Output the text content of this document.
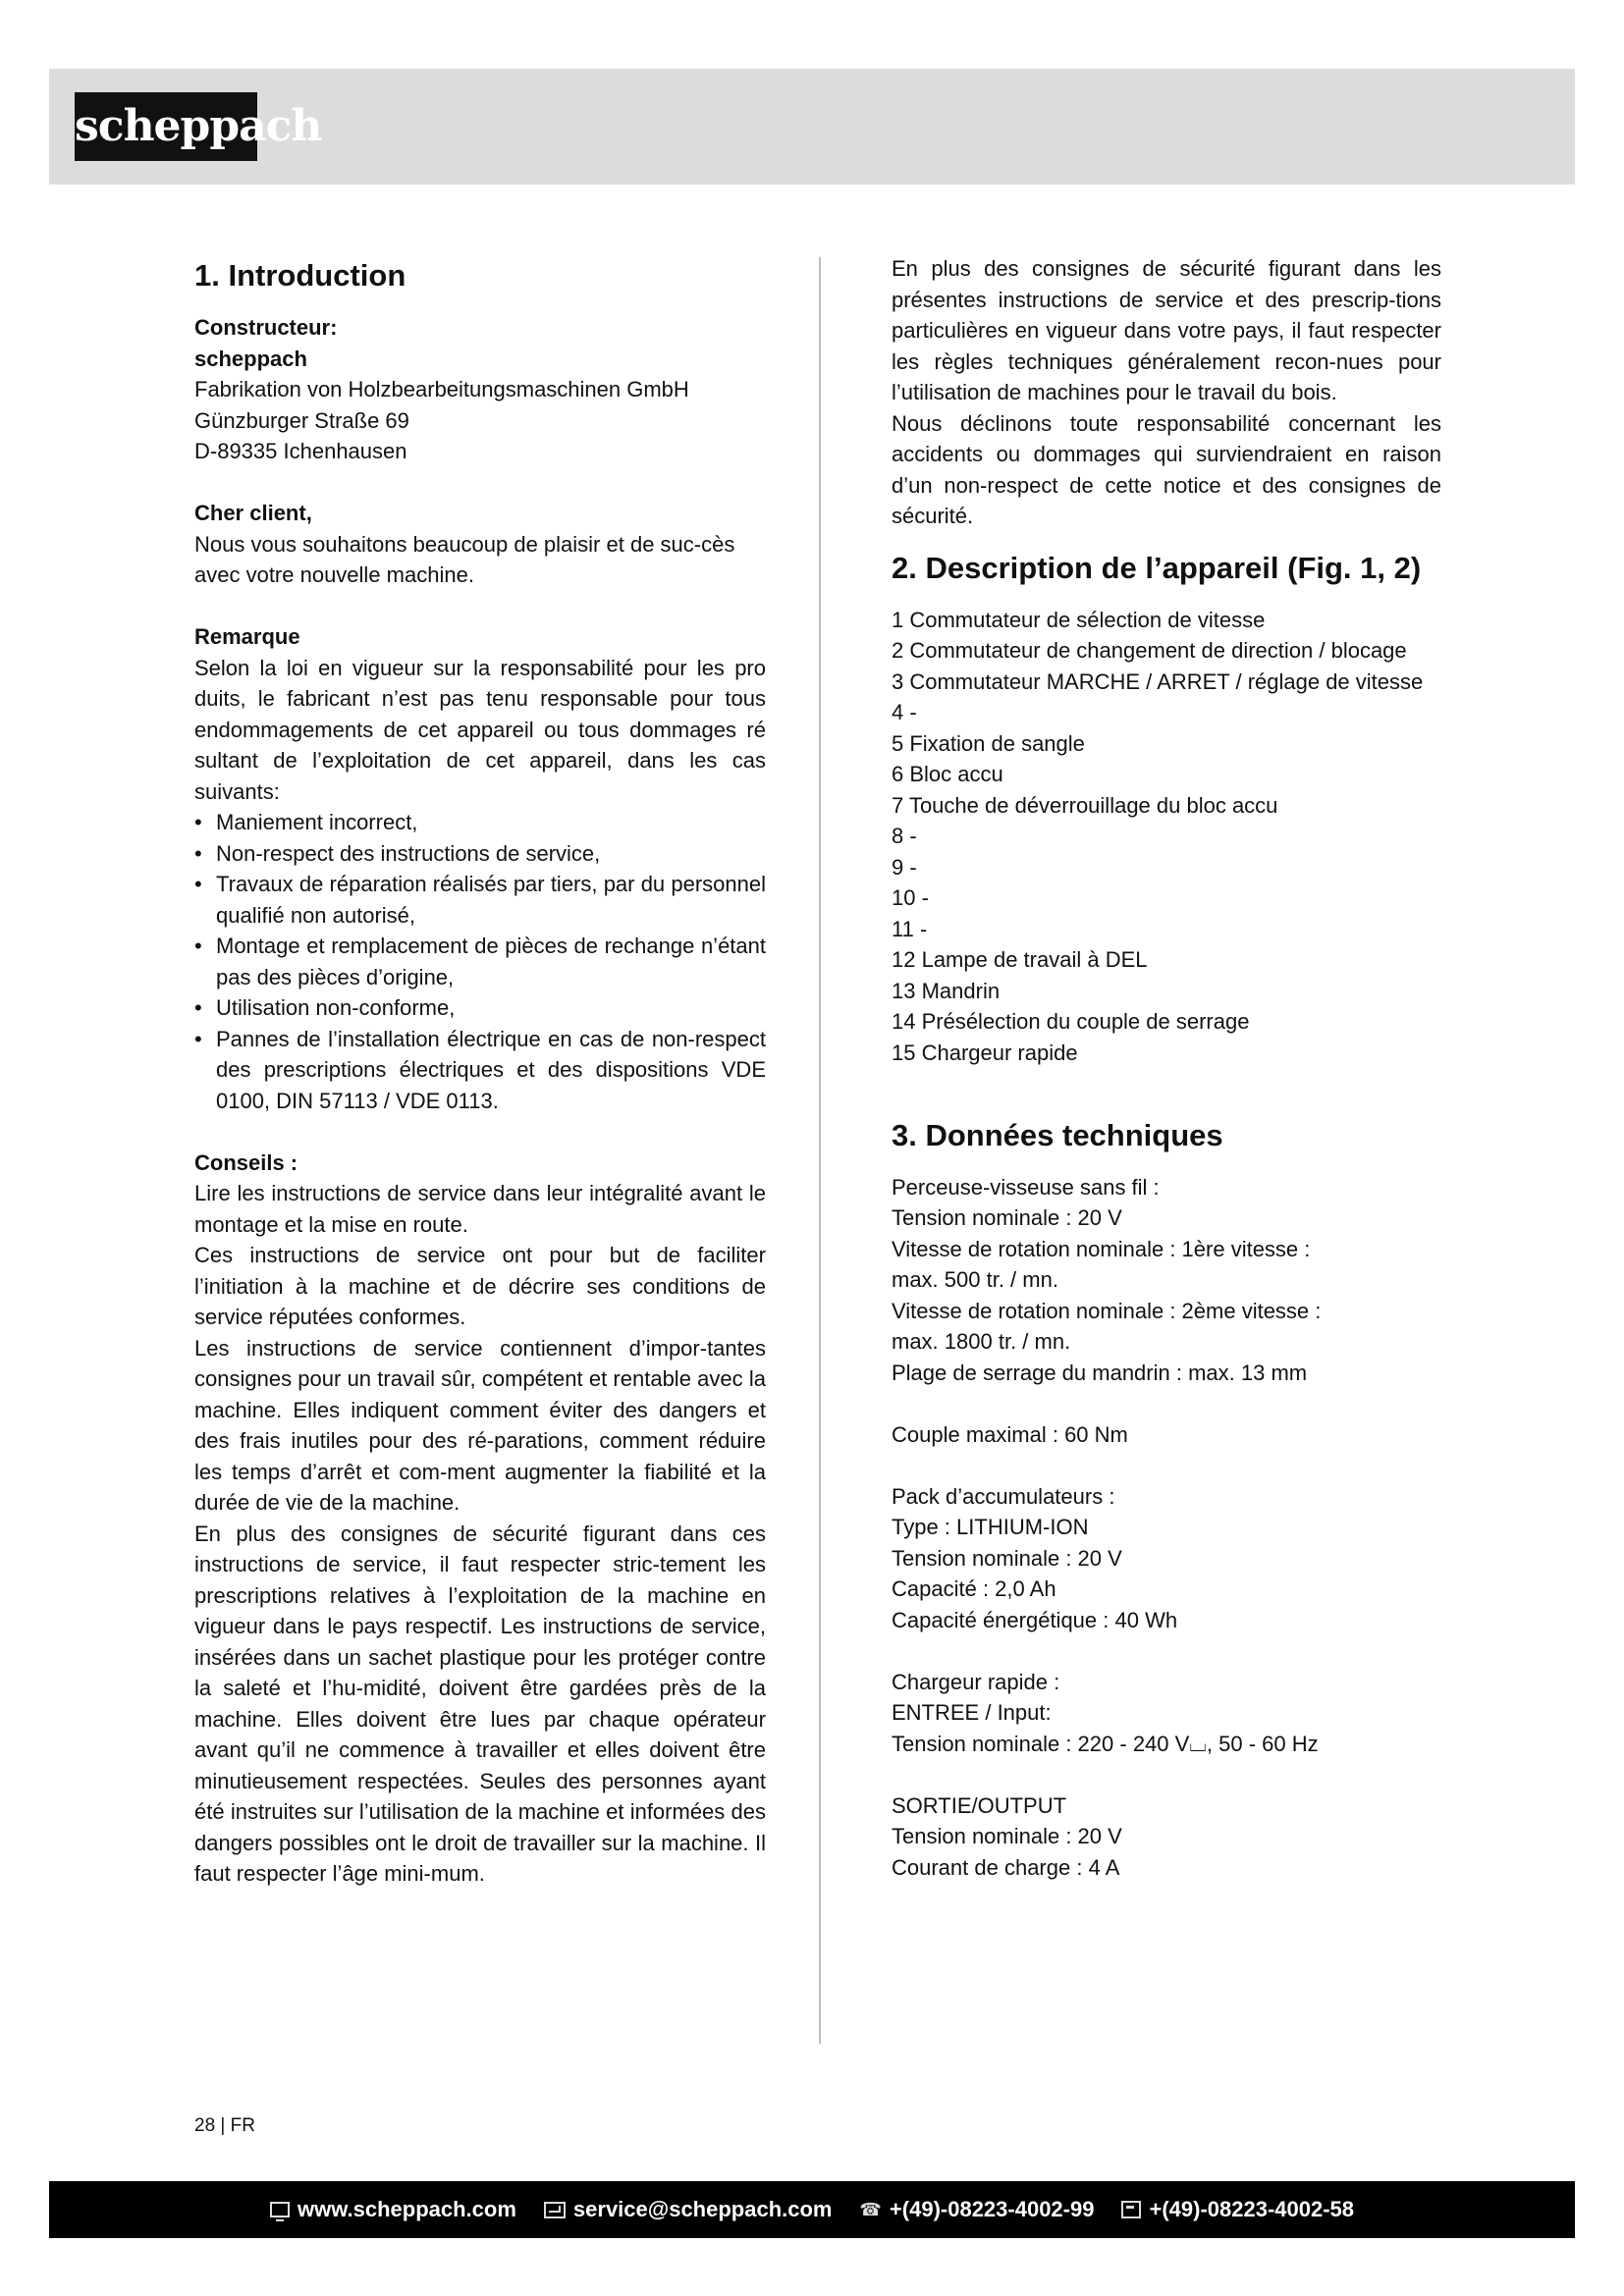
scheppach
1. Introduction

Constructeur:

scheppach

Fabrikation von Holzbearbeitungsmaschinen GmbH

Günzburger Straße 69

D-89335 Ichenhausen

Cher client,

Nous vous souhaitons beaucoup de plaisir et de suc-cès avec votre nouvelle machine.

Remarque

Selon la loi en vigueur sur la responsabilité pour les pro duits, le fabricant n’est pas tenu responsable pour tous endommagements de cet appareil ou tous dommages ré sultant de l’exploitation de cet appareil, dans les cas suivants:

• Maniement incorrect,
• Non-respect des instructions de service,
• Travaux de réparation réalisés par tiers, par du personnel qualifié non autorisé,
• Montage et remplacement de pièces de rechange n’étant pas des pièces d’origine,
• Utilisation non-conforme,
• Pannes de l’installation électrique en cas de non-respect des prescriptions électriques et des dispositions VDE 0100, DIN 57113 / VDE 0113.

Conseils :

Lire les instructions de service dans leur intégralité avant le montage et la mise en route.

Ces instructions de service ont pour but de faciliter l’initiation à la machine et de décrire ses conditions de service réputées conformes.

Les instructions de service contiennent d’impor-tantes consignes pour un travail sûr, compétent et rentable avec la machine. Elles indiquent comment éviter des dangers et des frais inutiles pour des ré-parations, comment réduire les temps d’arrêt et com-ment augmenter la fiabilité et la durée de vie de la machine.

En plus des consignes de sécurité figurant dans ces instructions de service, il faut respecter stric-tement les prescriptions relatives à l’exploitation de la machine en vigueur dans le pays respectif. Les instructions de service, insérées dans un sachet plastique pour les protéger contre la saleté et l’hu-midité, doivent être gardées près de la machine. Elles doivent être lues par chaque opérateur avant qu’il ne commence à travailler et elles doivent être minutieusement respectées. Seules des personnes ayant été instruites sur l’utilisation de la machine et informées des dangers possibles ont le droit de travailler sur la machine. Il faut respecter l’âge mini-mum.

En plus des consignes de sécurité figurant dans les présentes instructions de service et des prescrip-tions particulières en vigueur dans votre pays, il faut respecter les règles techniques généralement recon-nues pour l’utilisation de machines pour le travail du bois.

Nous déclinons toute responsabilité concernant les accidents ou dommages qui surviendraient en raison d’un non-respect de cette notice et des consignes de sécurité.

2. Description de l’appareil (Fig. 1, 2)
1 Commutateur de sélection de vitesse
2 Commutateur de changement de direction / blocage
3 Commutateur MARCHE / ARRET / réglage de vitesse
4 -
5 Fixation de sangle
6 Bloc accu
7 Touche de déverrouillage du bloc accu
8 -
9 -
10 -
11 -
12 Lampe de travail à DEL
13 Mandrin
14 Présélection du couple de serrage
15 Chargeur rapide
3. Données techniques

Perceuse-visseuse sans fil :

Tension nominale : 20 V

Vitesse de rotation nominale : 1ère vitesse :

max. 500 tr. / mn.

Vitesse de rotation nominale : 2ème vitesse :

max. 1800 tr. / mn.

Plage de serrage du mandrin : max. 13 mm

Couple maximal : 60 Nm

Pack d’accumulateurs :

Type : LITHIUM-ION

Tension nominale : 20 V

Capacité : 2,0 Ah

Capacité énergétique : 40 Wh

Chargeur rapide :

ENTREE / Input:

Tension nominale : 220 - 240 V⌴, 50 - 60 Hz

SORTIE/OUTPUT

Tension nominale : 20 V

Courant de charge : 4 A

28 | FR
www.scheppach.com	service@scheppach.com ☎ +(49)-08223-4002-99	+(49)-08223-4002-58
